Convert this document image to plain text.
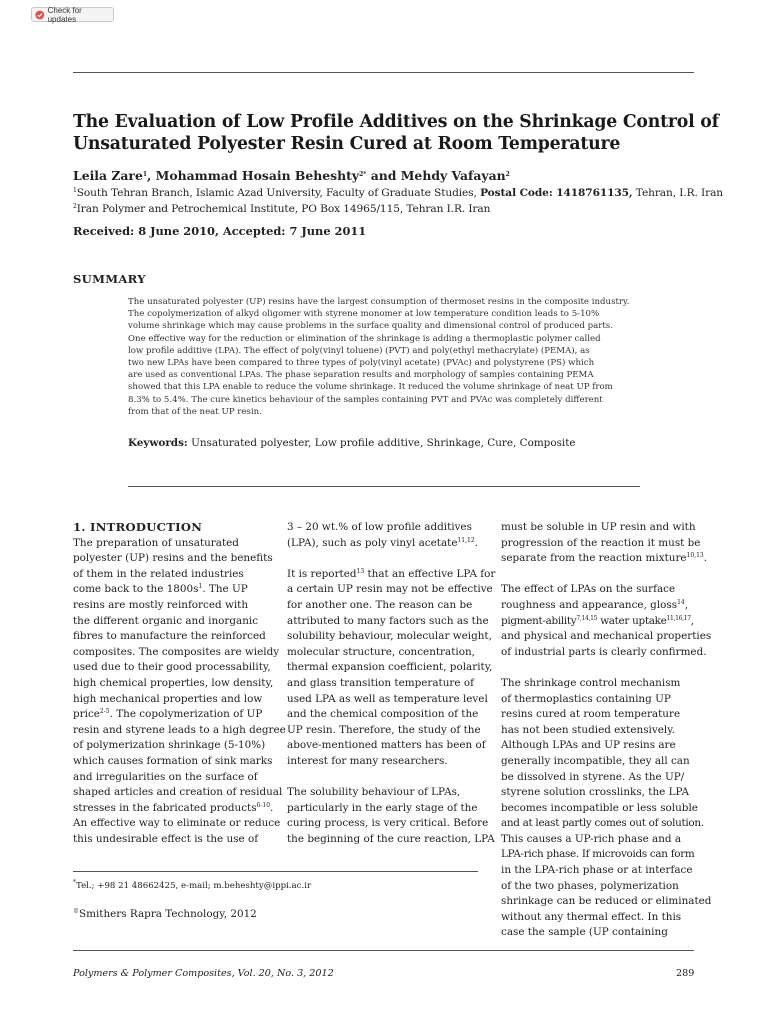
Check for updates
The Evaluation of Low Profile Additives on the Shrinkage Control of
Unsaturated Polyester Resin Cured at Room Temperature
Leila Zare$^1$, Mohammad Hosain Beheshty$^{2*}$ and Mehdy Vafayan$^2$
$^1$South Tehran Branch, Islamic Azad University, Faculty of Graduate Studies, Postal Code: 1418761135, Tehran, I.R. Iran
$^2$Iran Polymer and Petrochemical Institute, PO Box 14965/115, Tehran I.R. Iran
Received: 8 June 2010, Accepted: 7 June 2011
SUMMARY
The unsaturated polyester (UP) resins have the largest consumption of thermoset resins in the composite industry.
The copolymerization of alkyd oligomer with styrene monomer at low temperature condition leads to 5-10%
volume shrinkage which may cause problems in the surface quality and dimensional control of produced parts.
One effective way for the reduction or elimination of the shrinkage is adding a thermoplastic polymer called
low profile additive (LPA). The effect of poly(vinyl toluene) (PVT) and poly(ethyl methacrylate) (PEMA), as
two new LPAs have been compared to three types of poly(vinyl acetate) (PVAc) and polystyrene (PS) which
are used as conventional LPAs. The phase separation results and morphology of samples containing PEMA
showed that this LPA enable to reduce the volume shrinkage. It reduced the volume shrinkage of neat UP from
8.3% to 5.4%. The cure kinetics behaviour of the samples containing PVT and PVAc was completely different
from that of the neat UP resin.
Keywords: Unsaturated polyester, Low profile additive, Shrinkage, Cure, Composite
1. INTRODUCTION
The preparation of unsaturated
polyester (UP) resins and the benefits
of them in the related industries
come back to the $1800s^1$. The UP
resins are mostly reinforced with
the different organic and inorganic
fibres to manufacture the reinforced
composites. The composites are wieldy
used due to their good processability,
high chemical properties, low density,
high mechanical properties and low
price$^{2-5}$. The copolymerization of UP
resin and styrene leads to a high degree
of polymerization shrinkage (5-10%)
which causes formation of sink marks
and irregularities on the surface of
shaped articles and creation of residual
stresses in the fabricated products$^{6-10}$.
An effective way to eliminate or reduce
this undesirable effect is the use of
3 – 20 wt.% of low profile additives
(LPA), such as poly vinyl acetate$^{11,12}$.
It is reported$^{13}$ that an effective LPA for
a certain UP resin may not be effective
for another one. The reason can be
attributed to many factors such as the
solubility behaviour, molecular weight,
molecular structure, concentration,
thermal expansion coefficient, polarity,
and glass transition temperature of
used LPA as well as temperature level
and the chemical composition of the
UP resin. Therefore, the study of the
above-mentioned matters has been of
interest for many researchers.
The solubility behaviour of LPAs,
particularly in the early stage of the
curing process, is very critical. Before
the beginning of the cure reaction, LPA
must be soluble in UP resin and with
progression of the reaction it must be
separate from the reaction mixture$^{10,13}$.
The effect of LPAs on the surface
roughness and appearance, gloss$^{14}$,
pigment-ability$^{7,14,15}$ water uptake$^{11,16,17}$,
and physical and mechanical properties
of industrial parts is clearly confirmed.
The shrinkage control mechanism
of thermoplastics containing UP
resins cured at room temperature
has not been studied extensively.
Although LPAs and UP resins are
generally incompatible, they all can
be dissolved in styrene. As the UP/
styrene solution crosslinks, the LPA
becomes incompatible or less soluble
and at least partly comes out of solution.
This causes a UP-rich phase and a
LPA-rich phase. If microvoids can form
in the LPA-rich phase or at interface
of the two phases, polymerization
shrinkage can be reduced or eliminated
without any thermal effect. In this
case the sample (UP containing
*Tel.; +98 21 48662425, e-mail; m.beheshty@ippi.ac.ir
©Smithers Rapra Technology, 2012
Polymers & Polymer Composites, Vol. 20, No. 3, 2012	289
